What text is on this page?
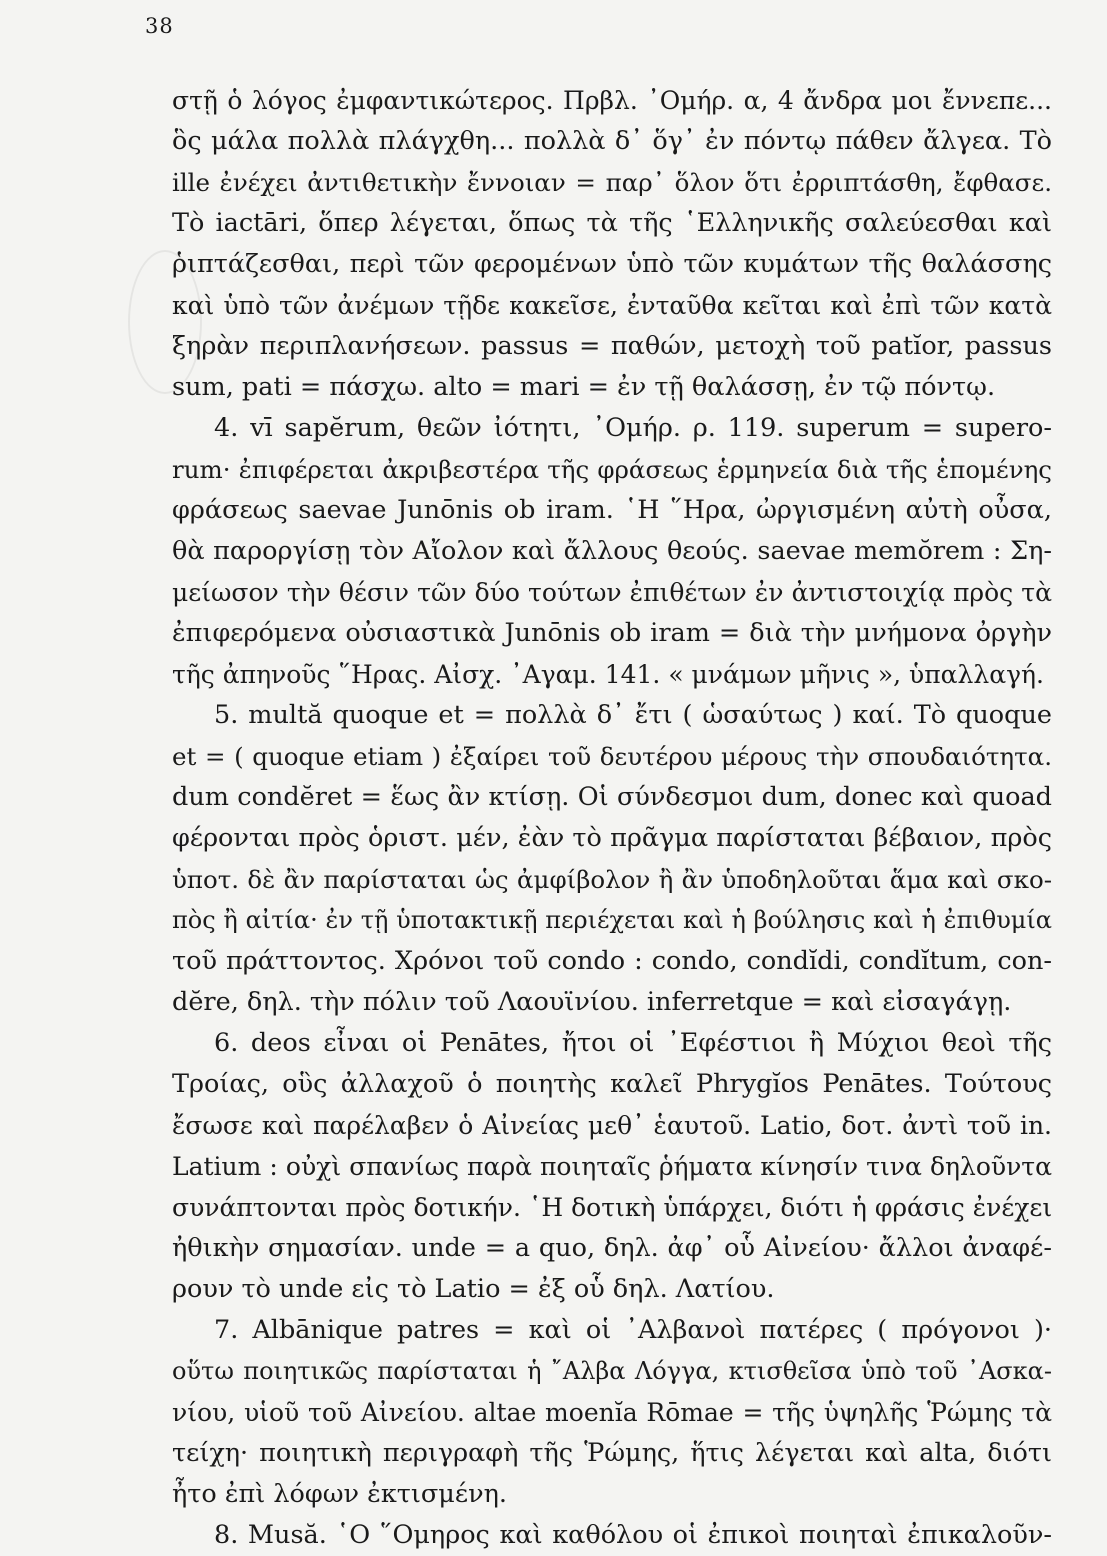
38
στῇ ὁ λόγος ἐμφαντικώτερος. Πρβλ. ᾿Ομήρ. α, 4 ἄνδρα μοι ἔννεπε...
ὃς μάλα πολλὰ πλάγχθη... πολλὰ δ᾽ ὅγ᾽ ἐν πόντῳ πάθεν ἄλγεα. Τὸ
ille ἐνέχει ἀντιθετικὴν ἔννοιαν = παρ᾽ ὅλον ὅτι ἐρριπτάσθη, ἔφθασε.
Τὸ iactāri, ὅπερ λέγεται, ὅπως τὰ τῆς ῾Ελληνικῆς σαλεύεσθαι καὶ
ῥιπτάζεσθαι, περὶ τῶν φερομένων ὑπὸ τῶν κυμάτων τῆς θαλάσσης
καὶ ὑπὸ τῶν ἀνέμων τῇδε κακεῖσε, ἐνταῦθα κεῖται καὶ ἐπὶ τῶν κατὰ
ξηρὰν περιπλανήσεων. passus = παθών, μετοχὴ τοῦ patĭor, passus
sum, pati = πάσχω. alto = mari = ἐν τῇ θαλάσσῃ, ἐν τῷ πόντῳ.
4. vī sapĕrum, θεῶν ἰότητι, ᾿Ομήρ. ρ. 119. superum = supero-
rum· ἐπιφέρεται ἀκριβεστέρα τῆς φράσεως ἑρμηνεία διὰ τῆς ἑπομένης
φράσεως saevae Junōnis ob iram. ῾Η ῞Ηρα, ὠργισμένη αὐτὴ οὖσα,
θὰ παροργίσῃ τὸν Αἴολον καὶ ἄλλους θεούς. saevae memŏrem : Ση-
μείωσον τὴν θέσιν τῶν δύο τούτων ἐπιθέτων ἐν ἀντιστοιχίᾳ πρὸς τὰ
ἐπιφερόμενα οὐσιαστικὰ Junōnis ob iram = διὰ τὴν μνήμονα ὀργὴν
τῆς ἀπηνοῦς ῞Ηρας. Αἰσχ. ᾿Αγαμ. 141. « μνάμων μῆνις », ὑπαλλαγή.
5. multă quoque et = πολλὰ δ᾽ ἔτι ( ὡσαύτως ) καί. Τὸ quoque
et = ( quoque etiam ) ἐξαίρει τοῦ δευτέρου μέρους τὴν σπουδαιότητα.
dum condĕret = ἕως ἂν κτίσῃ. Οἱ σύνδεσμοι dum, donec καὶ quoad
φέρονται πρὸς ὁριστ. μέν, ἐὰν τὸ πρᾶγμα παρίσταται βέβαιον, πρὸς
ὑποτ. δὲ ἂν παρίσταται ὡς ἀμφίβολον ἢ ἂν ὑποδηλοῦται ἅμα καὶ σκο-
πὸς ἢ αἰτία· ἐν τῇ ὑποτακτικῇ περιέχεται καὶ ἡ βούλησις καὶ ἡ ἐπιθυμία
τοῦ πράττοντος. Χρόνοι τοῦ condo : condo, condĭdi, condĭtum, con-
dĕre, δηλ. τὴν πόλιν τοῦ Λαουϊνίου. inferretque = καὶ εἰσαγάγῃ.
6. deos εἶναι οἱ Penātes, ἤτοι οἱ ᾿Εφέστιοι ἢ Μύχιοι θεοὶ τῆς
Τροίας, οὓς ἀλλαχοῦ ὁ ποιητὴς καλεῖ Phrygĭos Penātes. Τούτους
ἔσωσε καὶ παρέλαβεν ὁ Αἰνείας μεθ᾽ ἑαυτοῦ. Latio, δοτ. ἀντὶ τοῦ in.
Latium : οὐχὶ σπανίως παρὰ ποιηταῖς ῥήματα κίνησίν τινα δηλοῦντα
συνάπτονται πρὸς δοτικήν. ῾Η δοτικὴ ὑπάρχει, διότι ἡ φράσις ἐνέχει
ἠθικὴν σημασίαν. unde = a quo, δηλ. ἀφ᾽ οὗ Αἰνείου· ἄλλοι ἀναφέ-
ρουν τὸ unde εἰς τὸ Latio = ἐξ οὗ δηλ. Λατίου.
7. Albānique patres = καὶ οἱ ᾿Αλβανοὶ πατέρες ( πρόγονοι )·
οὕτω ποιητικῶς παρίσταται ἡ ῎Αλβα Λόγγα, κτισθεῖσα ὑπὸ τοῦ ᾿Ασκα-
νίου, υἱοῦ τοῦ Αἰνείου. altae moenĭa Rōmae = τῆς ὑψηλῆς Ῥώμης τὰ
τείχη· ποιητικὴ περιγραφὴ τῆς Ῥώμης, ἥτις λέγεται καὶ alta, διότι
ἦτο ἐπὶ λόφων ἐκτισμένη.
8. Musă. ῾Ο ῞Ομηρος καὶ καθόλου οἱ ἐπικοὶ ποιηταὶ ἐπικαλοῦν-
